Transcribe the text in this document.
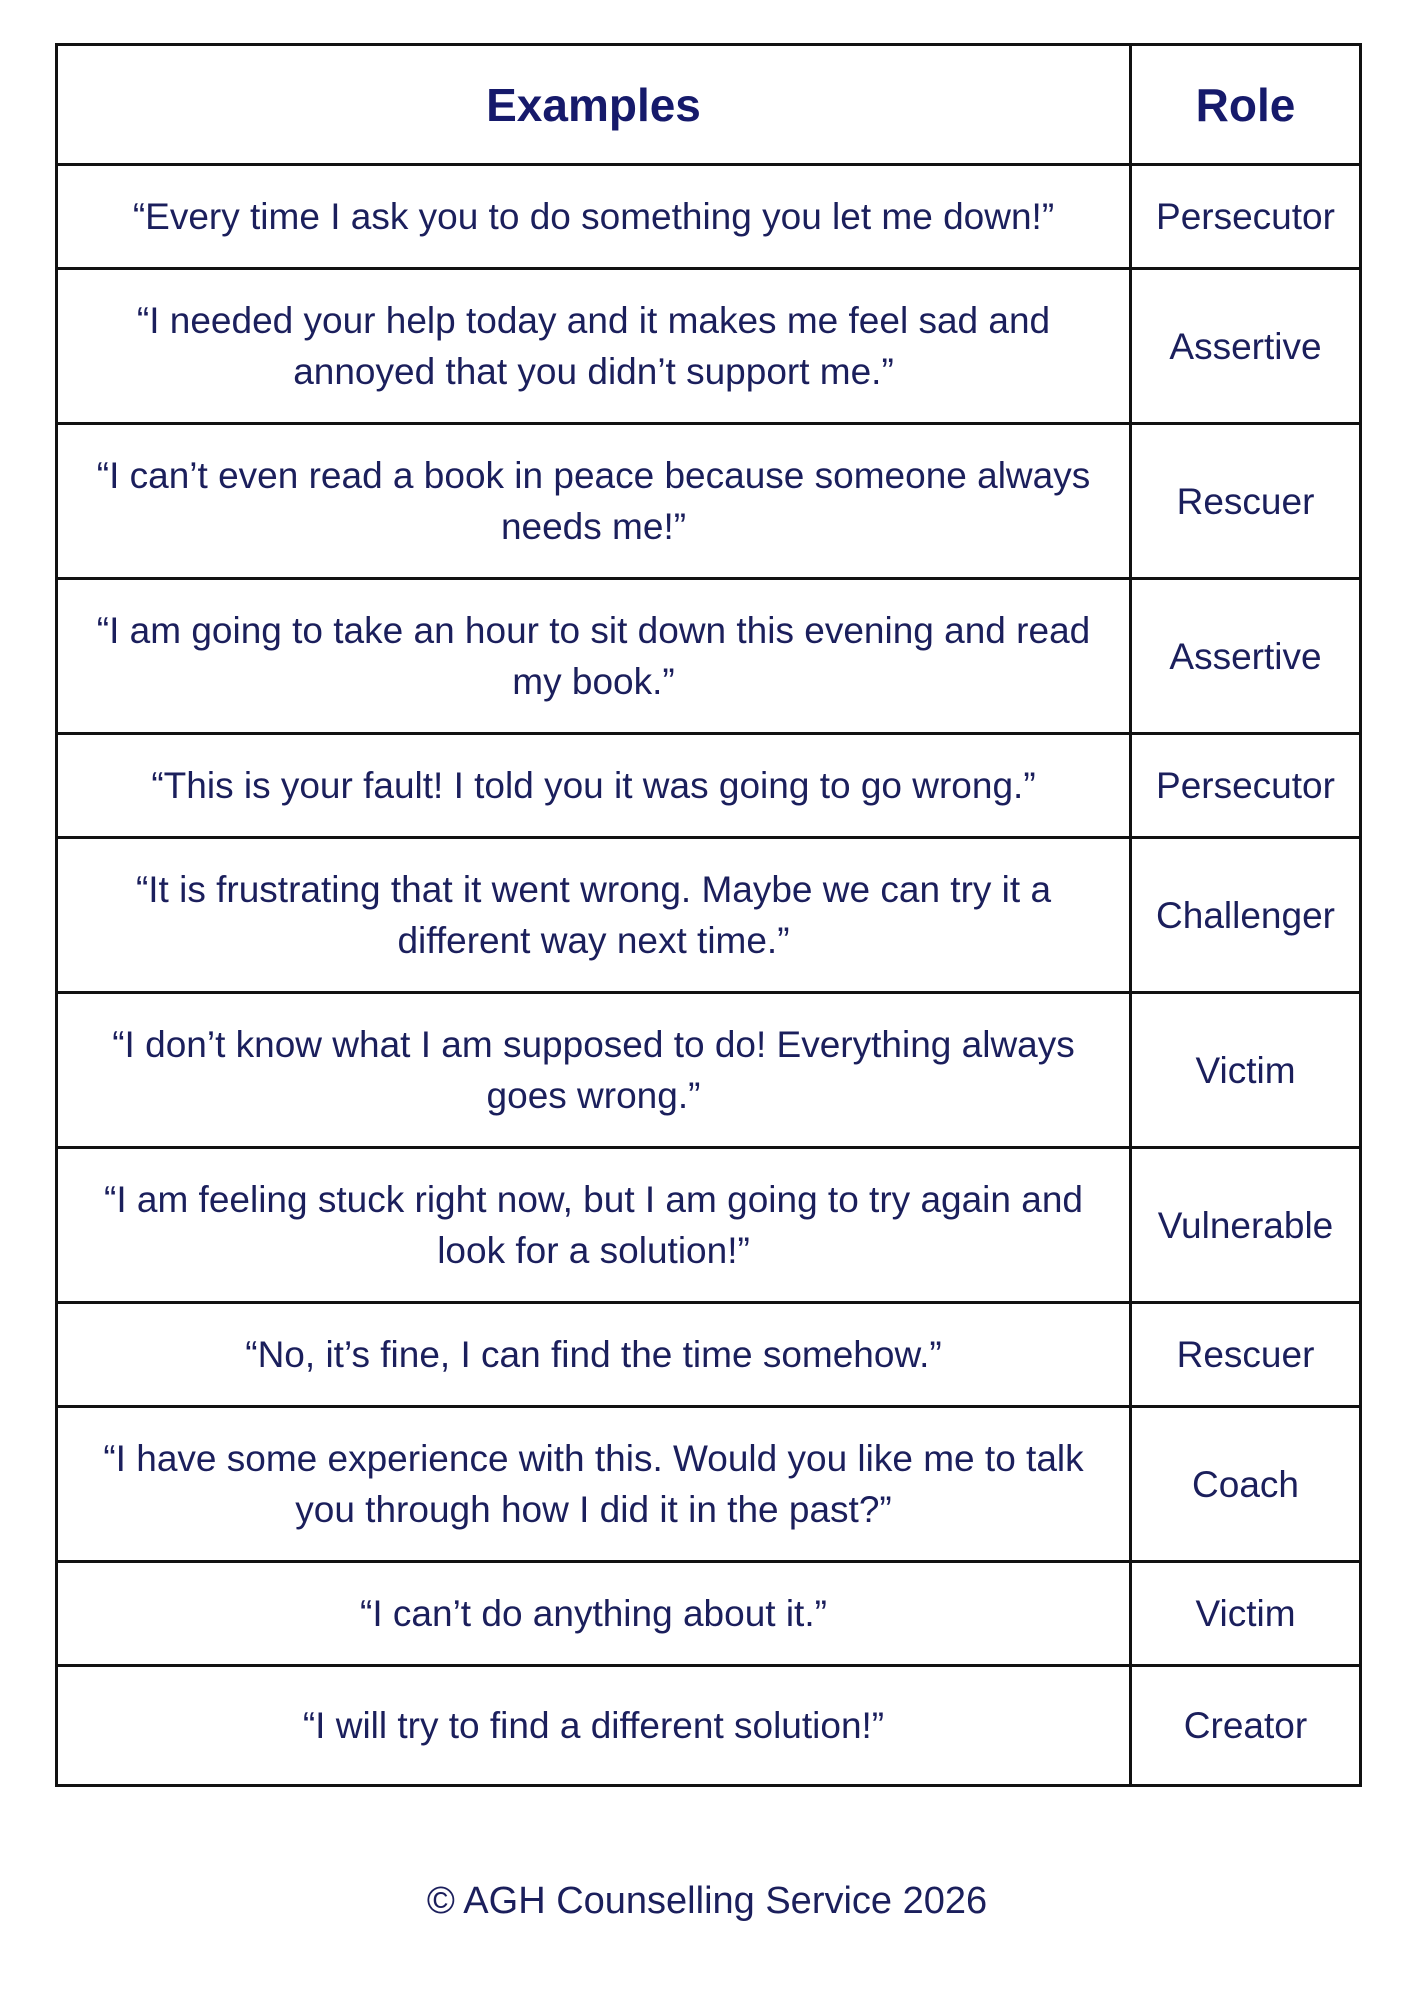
Examples	Role
“Every time I ask you to do something you let me down!”	Persecutor
“I needed your help today and it makes me feel sad and annoyed that you didn’t support me.”	Assertive
“I can’t even read a book in peace because someone always needs me!”	Rescuer
“I am going to take an hour to sit down this evening and read my book.”	Assertive
“This is your fault! I told you it was going to go wrong.”	Persecutor
“It is frustrating that it went wrong. Maybe we can try it a different way next time.”	Challenger
“I don’t know what I am supposed to do! Everything always goes wrong.”	Victim
“I am feeling stuck right now, but I am going to try again and look for a solution!”	Vulnerable
“No, it’s fine, I can find the time somehow.”	Rescuer
“I have some experience with this. Would you like me to talk you through how I did it in the past?”	Coach
“I can’t do anything about it.”	Victim
“I will try to find a different solution!”	Creator
© AGH Counselling Service 2026
